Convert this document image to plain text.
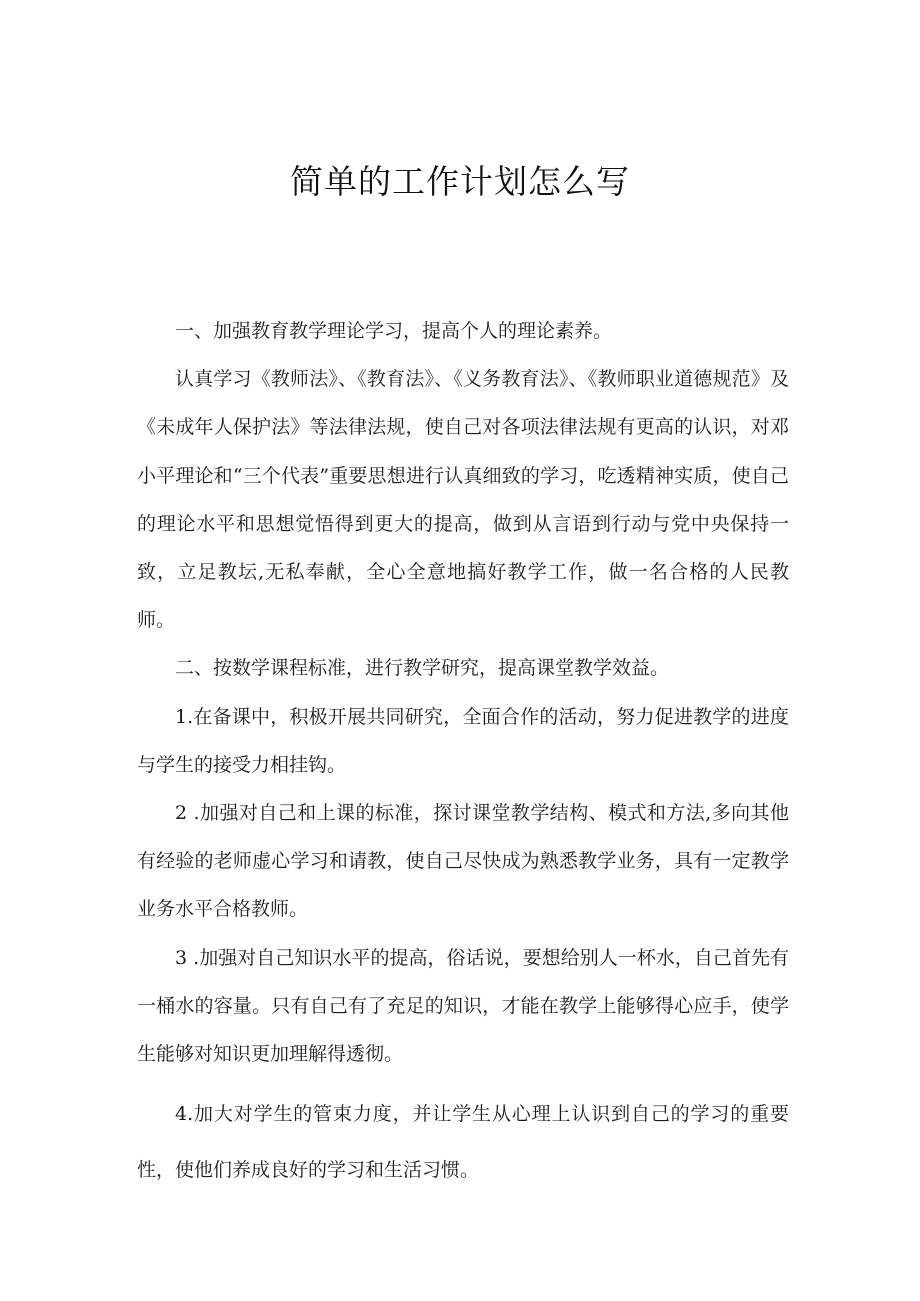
简单的工作计划怎么写

一、加强教育教学理论学习，提高个人的理论素养。

认真学习《教师法》、《教育法》、《义务教育法》、《教师职业道德规范》及《未成年人保护法》等法律法规，使自己对各项法律法规有更高的认识，对邓小平理论和“三个代表”重要思想进行认真细致的学习，吃透精神实质，使自己的理论水平和思想觉悟得到更大的提高，做到从言语到行动与党中央保持一致，立足教坛,无私奉献，全心全意地搞好教学工作，做一名合格的人民教师。

二、按数学课程标准，进行教学研究，提高课堂教学效益。

1.在备课中，积极开展共同研究，全面合作的活动，努力促进教学的进度与学生的接受力相挂钩。

2 .加强对自己和上课的标准，探讨课堂教学结构、模式和方法,多向其他有经验的老师虚心学习和请教，使自己尽快成为熟悉教学业务，具有一定教学业务水平合格教师。

3 .加强对自己知识水平的提高，俗话说，要想给别人一杯水，自己首先有一桶水的容量。只有自己有了充足的知识，才能在教学上能够得心应手，使学生能够对知识更加理解得透彻。

4.加大对学生的管束力度，并让学生从心理上认识到自己的学习的重要性，使他们养成良好的学习和生活习惯。
